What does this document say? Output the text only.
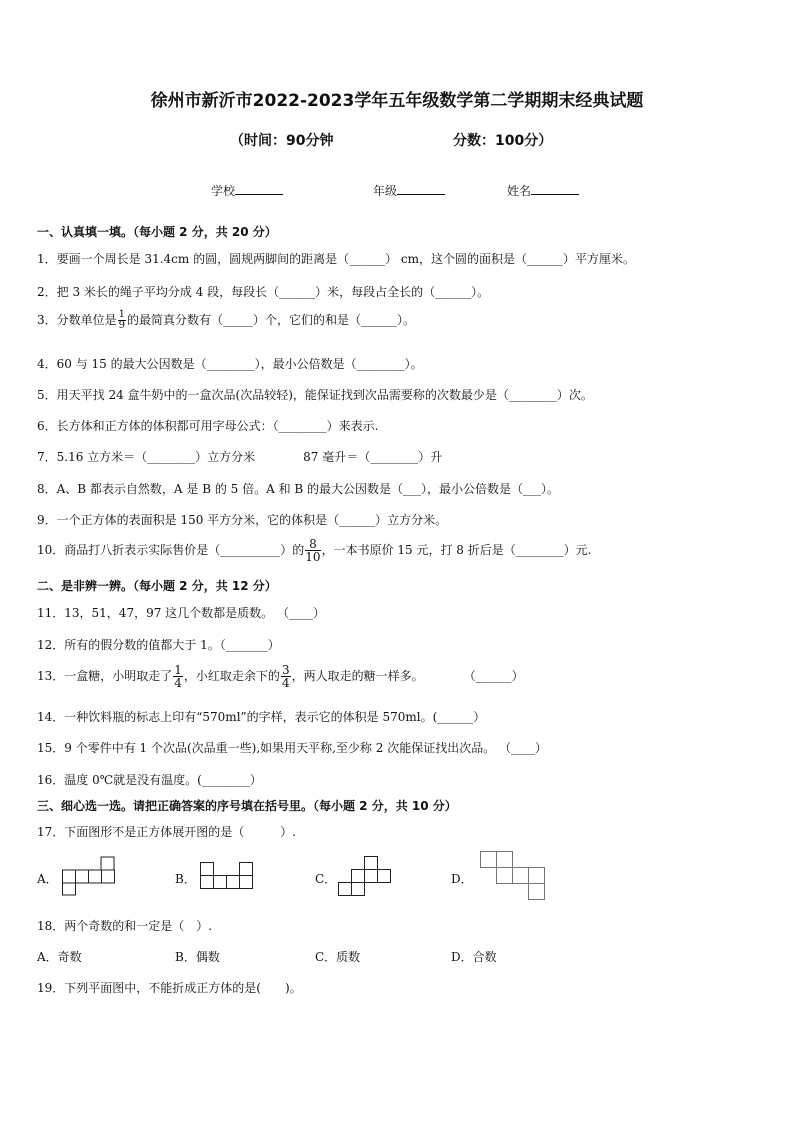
徐州市新沂市2022-2023学年五年级数学第二学期期末经典试题
（时间：90分钟	分数：100分）
学校	年级	姓名
一、认真填一填。（每小题 2 分，共 20 分）
1．要画一个周长是 31.4cm 的圆，圆规两脚间的距离是（______） cm，这个圆的面积是（______）平方厘米。
2．把 3 米长的绳子平均分成 4 段，每段长（______）米，每段占全长的（______）。
3．分数单位是 $\frac{1}{9}$ 的最简真分数有（_____）个，它们的和是（______）。
4．60 与 15 的最大公因数是（________），最小公倍数是（________）。
5．用天平找 24 盒牛奶中的一盒次品(次品较轻)，能保证找到次品需要称的次数最少是（________）次。
6．长方体和正方体的体积都可用字母公式：（________）来表示.
7．5.16 立方米＝（________）立方分米	87 毫升＝（________）升
8．A、B 都表示自然数，A 是 B 的 5 倍。A 和 B 的最大公因数是（___），最小公倍数是（___）。
9．一个正方体的表面积是 150 平方分米，它的体积是（______）立方分米。
10．商品打八折表示实际售价是（__________）的 $\frac{8}{10}$ ，一本书原价 15 元，打 8 折后是（________）元.
二、是非辨一辨。（每小题 2 分，共 12 分）
11．13，51，47，97 这几个数都是质数。 （____）
12．所有的假分数的值都大于 1。（_______）
13．一盒糖，小明取走了 $\frac{1}{4}$ ，小红取走余下的 $\frac{3}{4}$ ，两人取走的糖一样多。	（______）
14．一种饮料瓶的标志上印有“570ml”的字样，表示它的体积是 570ml。(______）
15．9 个零件中有 1 个次品(次品重一些),如果用天平称,至少称 2 次能保证找出次品。 （____）
16．温度 0℃就是没有温度。(________）
三、细心选一选。请把正确答案的序号填在括号里。（每小题 2 分，共 10 分）
17．下面图形不是正方体展开图的是（　　　）.
A．	B．	C．	D．
18．两个奇数的和一定是（　）.
A．奇数	B．偶数	C．质数	D．合数
19．下列平面图中，不能折成正方体的是(　　)。
